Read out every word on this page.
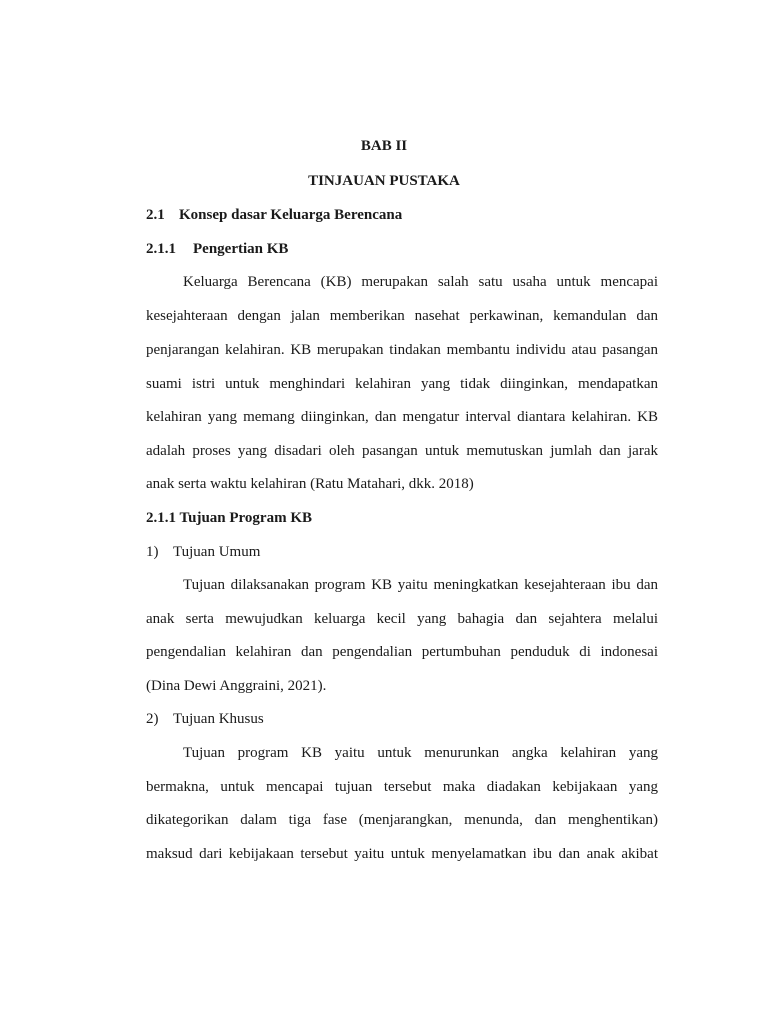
BAB II
TINJAUAN PUSTAKA
2.1 Konsep dasar Keluarga Berencana
2.1.1 Pengertian KB
Keluarga Berencana (KB) merupakan salah satu usaha untuk mencapai
kesejahteraan dengan jalan memberikan nasehat perkawinan, kemandulan dan
penjarangan kelahiran. KB merupakan tindakan membantu individu atau pasangan
suami istri untuk menghindari kelahiran yang tidak diinginkan, mendapatkan
kelahiran yang memang diinginkan, dan mengatur interval diantara kelahiran. KB
adalah proses yang disadari oleh pasangan untuk memutuskan jumlah dan jarak
anak serta waktu kelahiran (Ratu Matahari, dkk. 2018)
2.1.1 Tujuan Program KB
1) Tujuan Umum
Tujuan dilaksanakan program KB yaitu meningkatkan kesejahteraan ibu dan
anak serta mewujudkan keluarga kecil yang bahagia dan sejahtera melalui
pengendalian kelahiran dan pengendalian pertumbuhan penduduk di indonesai
(Dina Dewi Anggraini, 2021).
2) Tujuan Khusus
Tujuan program KB yaitu untuk menurunkan angka kelahiran yang
bermakna, untuk mencapai tujuan tersebut maka diadakan kebijakaan yang
dikategorikan dalam tiga fase (menjarangkan, menunda, dan menghentikan)
maksud dari kebijakaan tersebut yaitu untuk menyelamatkan ibu dan anak akibat
